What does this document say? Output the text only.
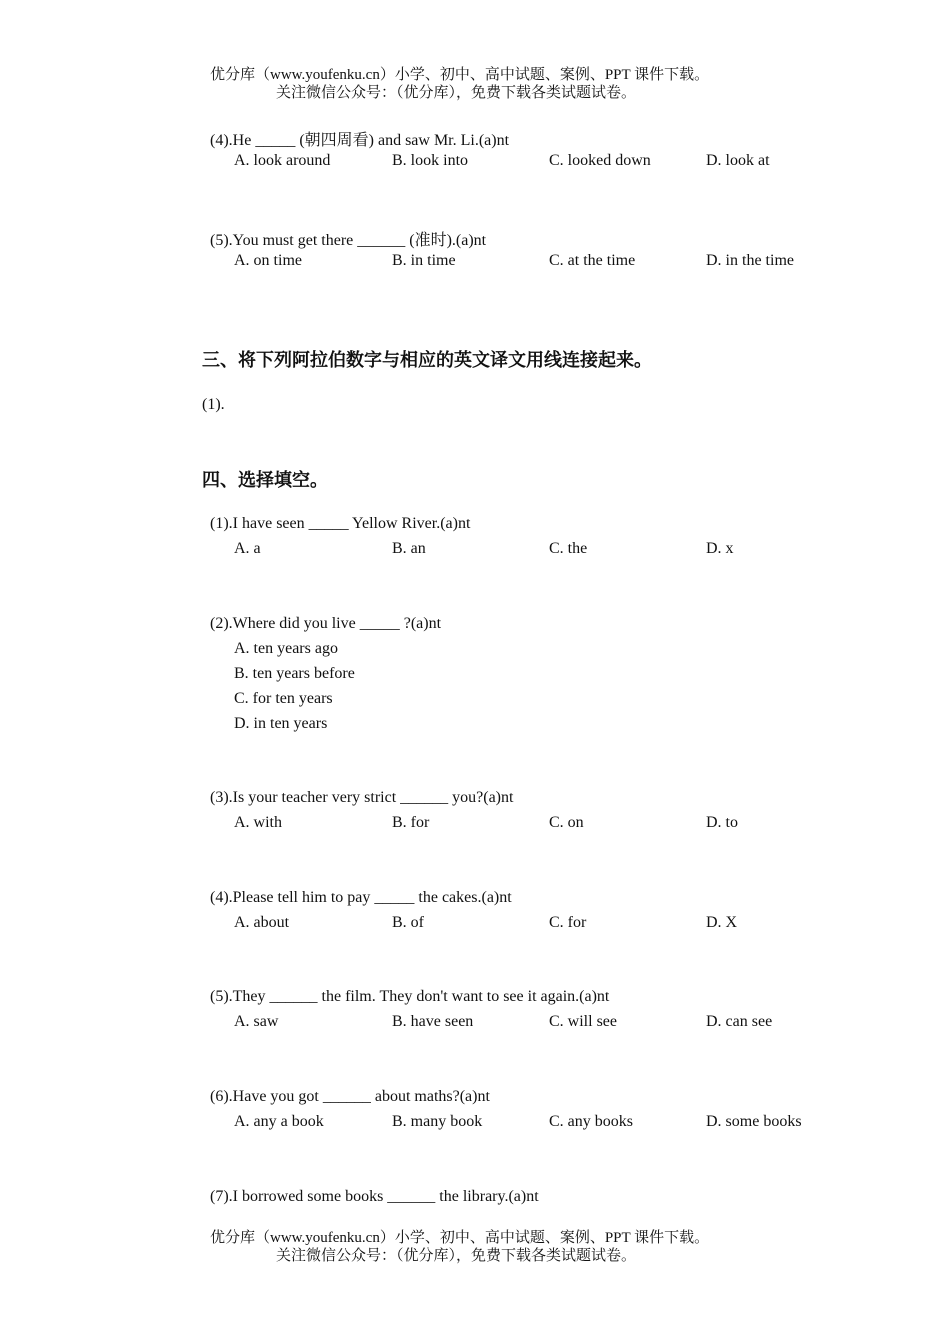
优分库（www.youfenku.cn）小学、初中、高中试题、案例、PPT 课件下载。
关注微信公众号：（优分库），免费下载各类试题试卷。
(4).He _____ (朝四周看) and saw Mr. Li.(a)nt
A. look around	B. look into	C. looked down	D. look at
(5).You must get there ______ (准时).(a)nt
A. on time	B. in time	C. at the time	D. in the time
三、将下列阿拉伯数字与相应的英文译文用线连接起来。
(1).
四、选择填空。
(1).I have seen _____ Yellow River.(a)nt
A. a	B. an	C. the	D. x
(2).Where did you live _____ ?(a)nt
A. ten years ago
B. ten years before
C. for ten years
D. in ten years
(3).Is your teacher very strict ______ you?(a)nt
A. with	B. for	C. on	D. to
(4).Please tell him to pay _____ the cakes.(a)nt
A. about	B. of	C. for	D. X
(5).They ______ the film. They don't want to see it again.(a)nt
A. saw	B. have seen	C. will see	D. can see
(6).Have you got ______ about maths?(a)nt
A. any a book	B. many book	C. any books	D. some books
(7).I borrowed some books ______ the library.(a)nt
优分库（www.youfenku.cn）小学、初中、高中试题、案例、PPT 课件下载。
关注微信公众号：（优分库），免费下载各类试题试卷。
